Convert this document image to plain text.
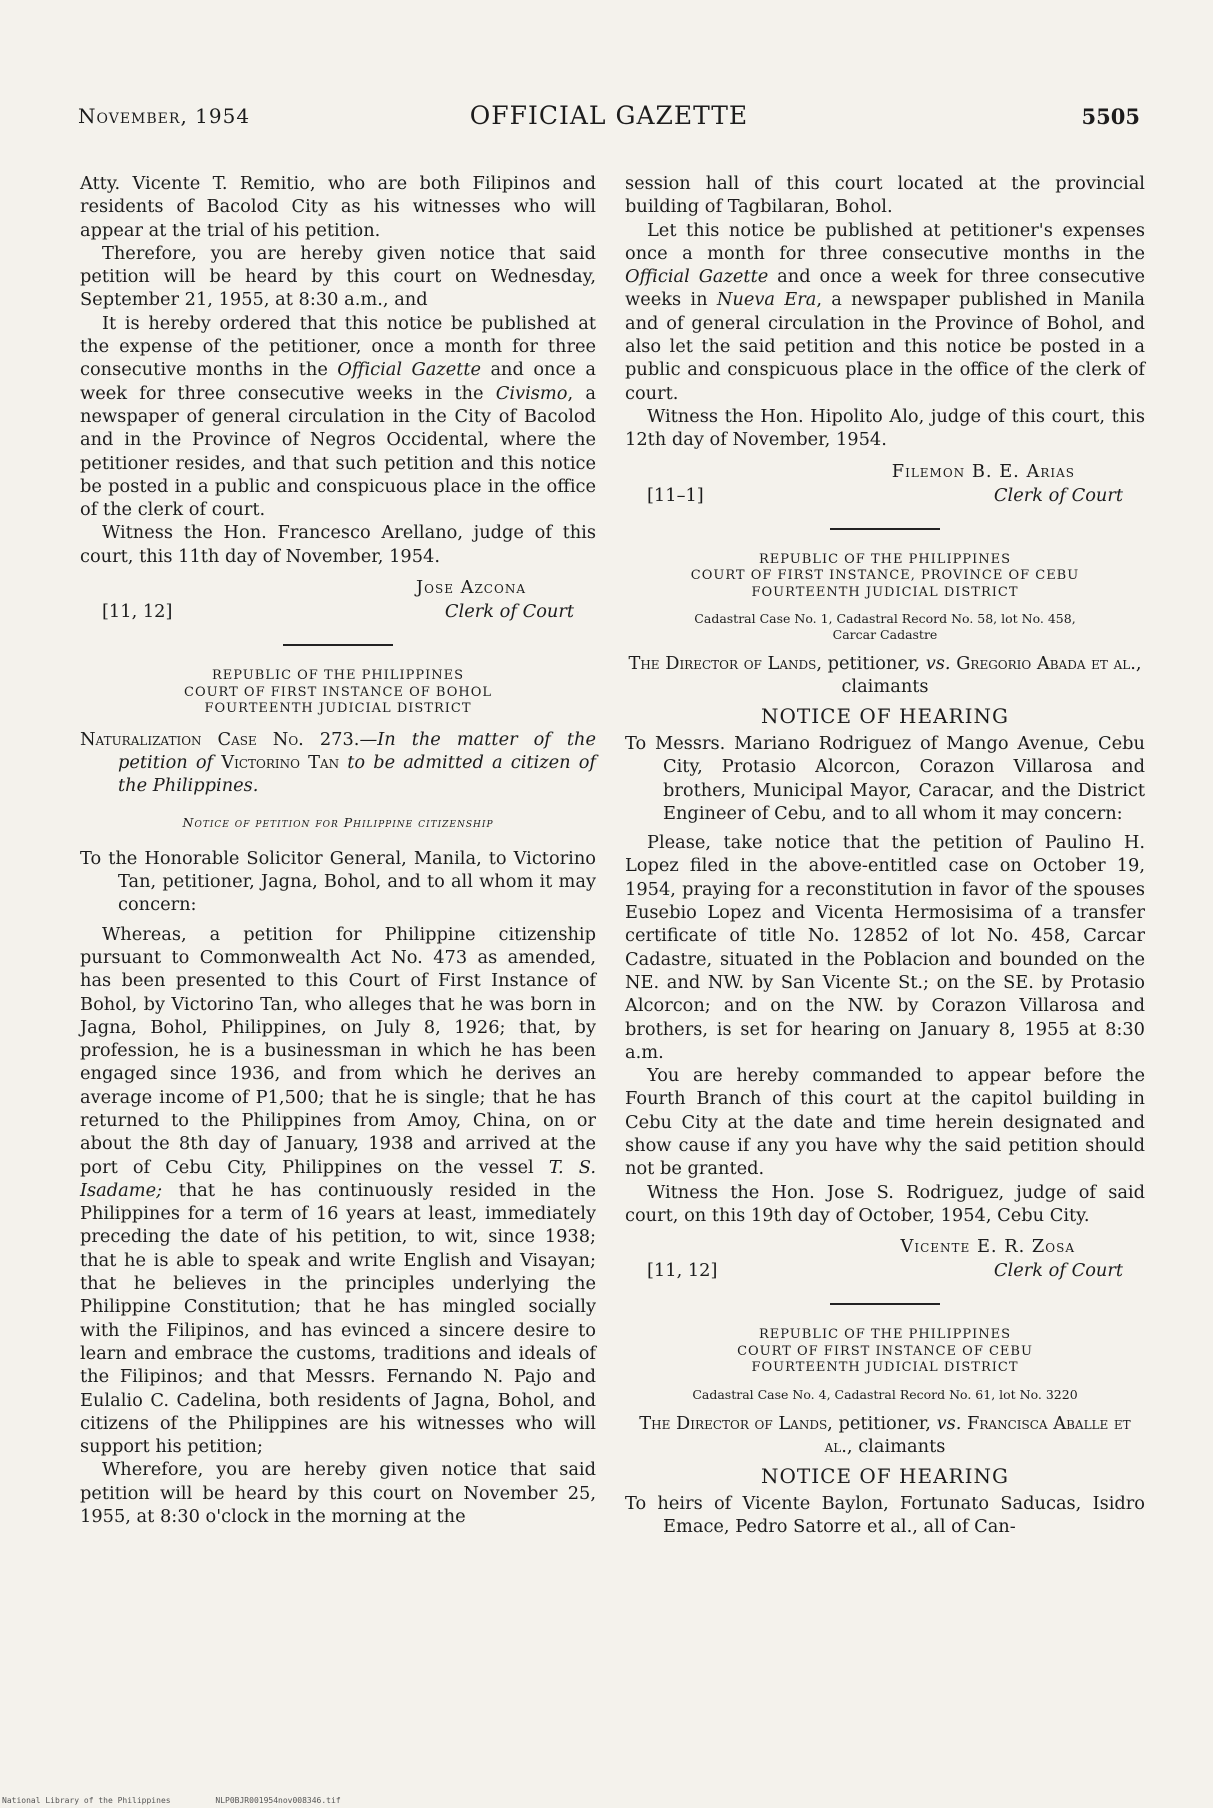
November, 1954	OFFICIAL GAZETTE	5505

Atty. Vicente T. Remitio, who are both Filipinos and residents of Bacolod City as his witnesses who will appear at the trial of his petition.

Therefore, you are hereby given notice that said petition will be heard by this court on Wednesday, September 21, 1955, at 8:30 a.m., and

It is hereby ordered that this notice be published at the expense of the petitioner, once a month for three consecutive months in the Official Gazette and once a week for three consecutive weeks in the Civismo, a newspaper of general circulation in the City of Bacolod and in the Province of Negros Occidental, where the petitioner resides, and that such petition and this notice be posted in a public and conspicuous place in the office of the clerk of court.

Witness the Hon. Francesco Arellano, judge of this court, this 11th day of November, 1954.

[11, 12]
Jose Azcona
Clerk of Court
REPUBLIC OF THE PHILIPPINES
COURT OF FIRST INSTANCE OF BOHOL
FOURTEENTH JUDICIAL DISTRICT

Naturalization Case No. 273.—In the matter of the petition of Victorino Tan to be admitted a citizen of the Philippines.

Notice of petition for Philippine citizenship

To the Honorable Solicitor General, Manila, to Victorino Tan, petitioner, Jagna, Bohol, and to all whom it may concern:

Whereas, a petition for Philippine citizenship pursuant to Commonwealth Act No. 473 as amended, has been presented to this Court of First Instance of Bohol, by Victorino Tan, who alleges that he was born in Jagna, Bohol, Philippines, on July 8, 1926; that, by profession, he is a businessman in which he has been engaged since 1936, and from which he derives an average income of P1,500; that he is single; that he has returned to the Philippines from Amoy, China, on or about the 8th day of January, 1938 and arrived at the port of Cebu City, Philippines on the vessel T. S. Isadame; that he has continuously resided in the Philippines for a term of 16 years at least, immediately preceding the date of his petition, to wit, since 1938; that he is able to speak and write English and Visayan; that he believes in the principles underlying the Philippine Constitution; that he has mingled socially with the Filipinos, and has evinced a sincere desire to learn and embrace the customs, traditions and ideals of the Filipinos; and that Messrs. Fernando N. Pajo and Eulalio C. Cadelina, both residents of Jagna, Bohol, and citizens of the Philippines are his witnesses who will support his petition;

Wherefore, you are hereby given notice that said petition will be heard by this court on November 25, 1955, at 8:30 o'clock in the morning at the

session hall of this court located at the provincial building of Tagbilaran, Bohol.

Let this notice be published at petitioner's expenses once a month for three consecutive months in the Official Gazette and once a week for three consecutive weeks in Nueva Era, a newspaper published in Manila and of general circulation in the Province of Bohol, and also let the said petition and this notice be posted in a public and conspicuous place in the office of the clerk of court.

Witness the Hon. Hipolito Alo, judge of this court, this 12th day of November, 1954.

[11–1]
Filemon B. E. Arias
Clerk of Court
REPUBLIC OF THE PHILIPPINES
COURT OF FIRST INSTANCE, PROVINCE OF CEBU
FOURTEENTH JUDICIAL DISTRICT
Cadastral Case No. 1, Cadastral Record No. 58, lot No. 458,
Carcar Cadastre

The Director of Lands, petitioner, vs. Gregorio Abada et al., claimants

NOTICE OF HEARING

To Messrs. Mariano Rodriguez of Mango Avenue, Cebu City, Protasio Alcorcon, Corazon Villarosa and brothers, Municipal Mayor, Caracar, and the District Engineer of Cebu, and to all whom it may concern:

Please, take notice that the petition of Paulino H. Lopez filed in the above-entitled case on October 19, 1954, praying for a reconstitution in favor of the spouses Eusebio Lopez and Vicenta Hermosisima of a transfer certificate of title No. 12852 of lot No. 458, Carcar Cadastre, situated in the Poblacion and bounded on the NE. and NW. by San Vicente St.; on the SE. by Protasio Alcorcon; and on the NW. by Corazon Villarosa and brothers, is set for hearing on January 8, 1955 at 8:30 a.m.

You are hereby commanded to appear before the Fourth Branch of this court at the capitol building in Cebu City at the date and time herein designated and show cause if any you have why the said petition should not be granted.

Witness the Hon. Jose S. Rodriguez, judge of said court, on this 19th day of October, 1954, Cebu City.

[11, 12]
Vicente E. R. Zosa
Clerk of Court
REPUBLIC OF THE PHILIPPINES
COURT OF FIRST INSTANCE OF CEBU
FOURTEENTH JUDICIAL DISTRICT
Cadastral Case No. 4, Cadastral Record No. 61, lot No. 3220

The Director of Lands, petitioner, vs. Francisca Aballe et al., claimants

NOTICE OF HEARING

To heirs of Vicente Baylon, Fortunato Saducas, Isidro Emace, Pedro Satorre et al., all of Can-

National Library of the Philippines	NLP0BJR001954nov008346.tif
